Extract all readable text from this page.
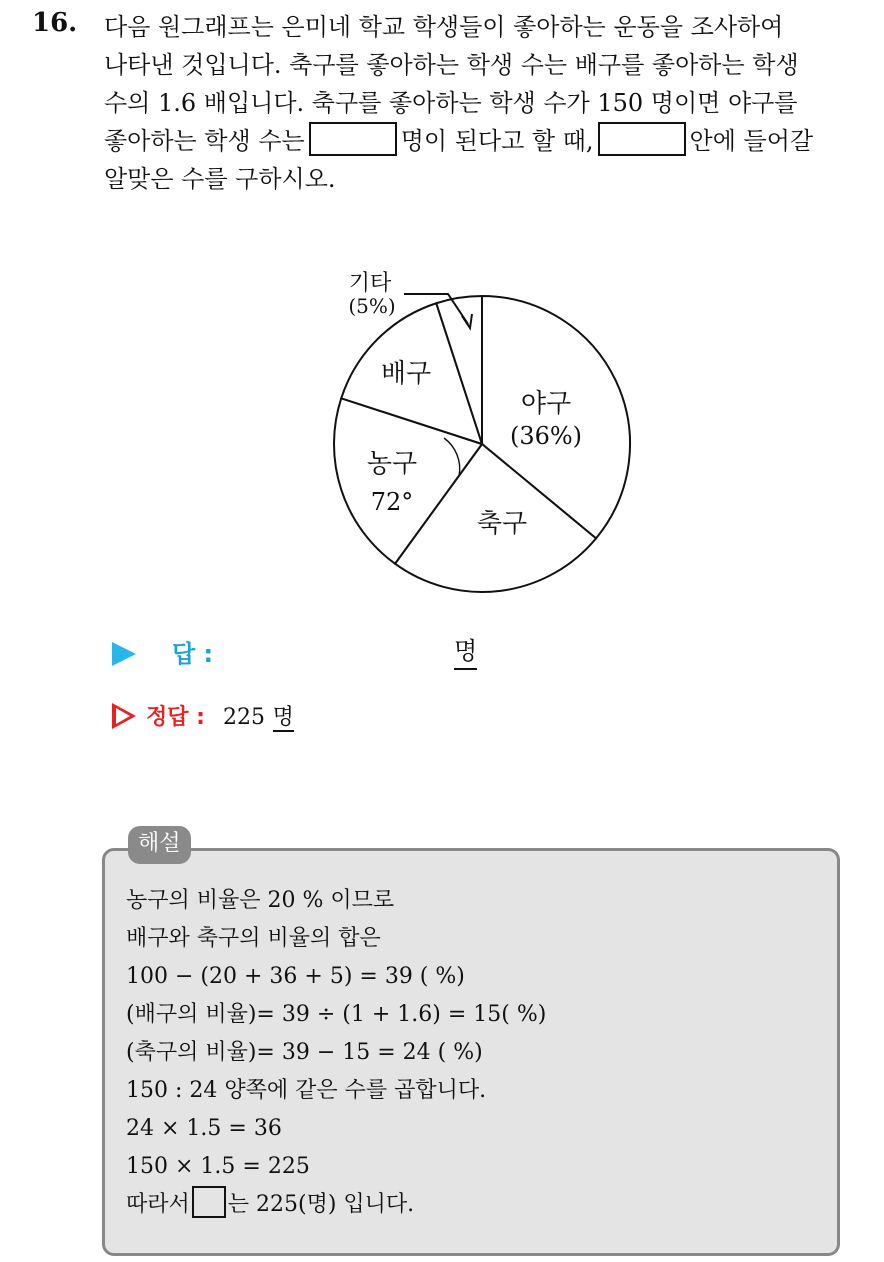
16. 다음 원그래프는 은미네 학교 학생들이 좋아하는 운동을 조사하여
나타낸 것입니다. 축구를 좋아하는 학생 수는 배구를 좋아하는 학생
수의 1.6 배입니다. 축구를 좋아하는 학생 수가 150 명이면 야구를
좋아하는 학생 수는	명이 된다고 할 때,	안에 들어갈
알맞은 수를 구하시오.
기타
(5%)
배구
야구
(36%)
농구
72°
축구
답 :	명
정답 : 225 명
해설
농구의 비율은 20 % 이므로
배구와 축구의 비율의 합은
100 − (20 + 36 + 5) = 39 ( %)
(배구의 비율)= 39 ÷ (1 + 1.6) = 15( %)
(축구의 비율)= 39 − 15 = 24 ( %)
150 : 24 양쪽에 같은 수를 곱합니다.
24 × 1.5 = 36
150 × 1.5 = 225
따라서 는 225(명) 입니다.
